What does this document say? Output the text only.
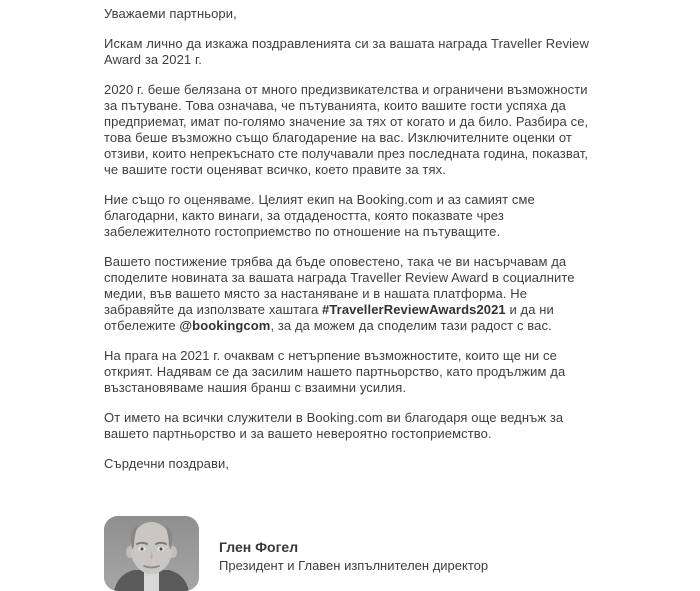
Уважаеми партньори,

Искам лично да изкажа поздравленията си за вашата награда Traveller Review Award за 2021 г.

2020 г. беше белязана от много предизвикателства и ограничени възможности за пътуване. Това означава, че пътуванията, които вашите гости успяха да предприемат, имат по-голямо значение за тях от когато и да било. Разбира се, това беше възможно също благодарение на вас. Изключителните оценки от отзиви, които непрекъснато сте получавали през последната година, показват, че вашите гости оценяват всичко, което правите за тях.

Ние също го оценяваме. Целият екип на Booking.com и аз самият сме благодарни, както винаги, за отдадеността, която показвате чрез забележителното гостоприемство по отношение на пътуващите.

Вашето постижение трябва да бъде оповестено, така че ви насърчавам да споделите новината за вашата награда Traveller Review Award в социалните медии, във вашето място за настаняване и в нашата платформа. Не забравяйте да използвате хаштага #TravellerReviewAwards2021 и да ни отбележите @bookingcom, за да можем да споделим тази радост с вас.

На прага на 2021 г. очаквам с нетърпение възможностите, които ще ни се открият. Надявам се да засилим нашето партньорство, като продължим да възстановяваме нашия бранш с взаимни усилия.

От името на всички служители в Booking.com ви благодаря още веднъж за вашето партньорство и за вашето невероятно гостоприемство.

Сърдечни поздрави,

Глен Фогел
Президент и Главен изпълнителен директор
